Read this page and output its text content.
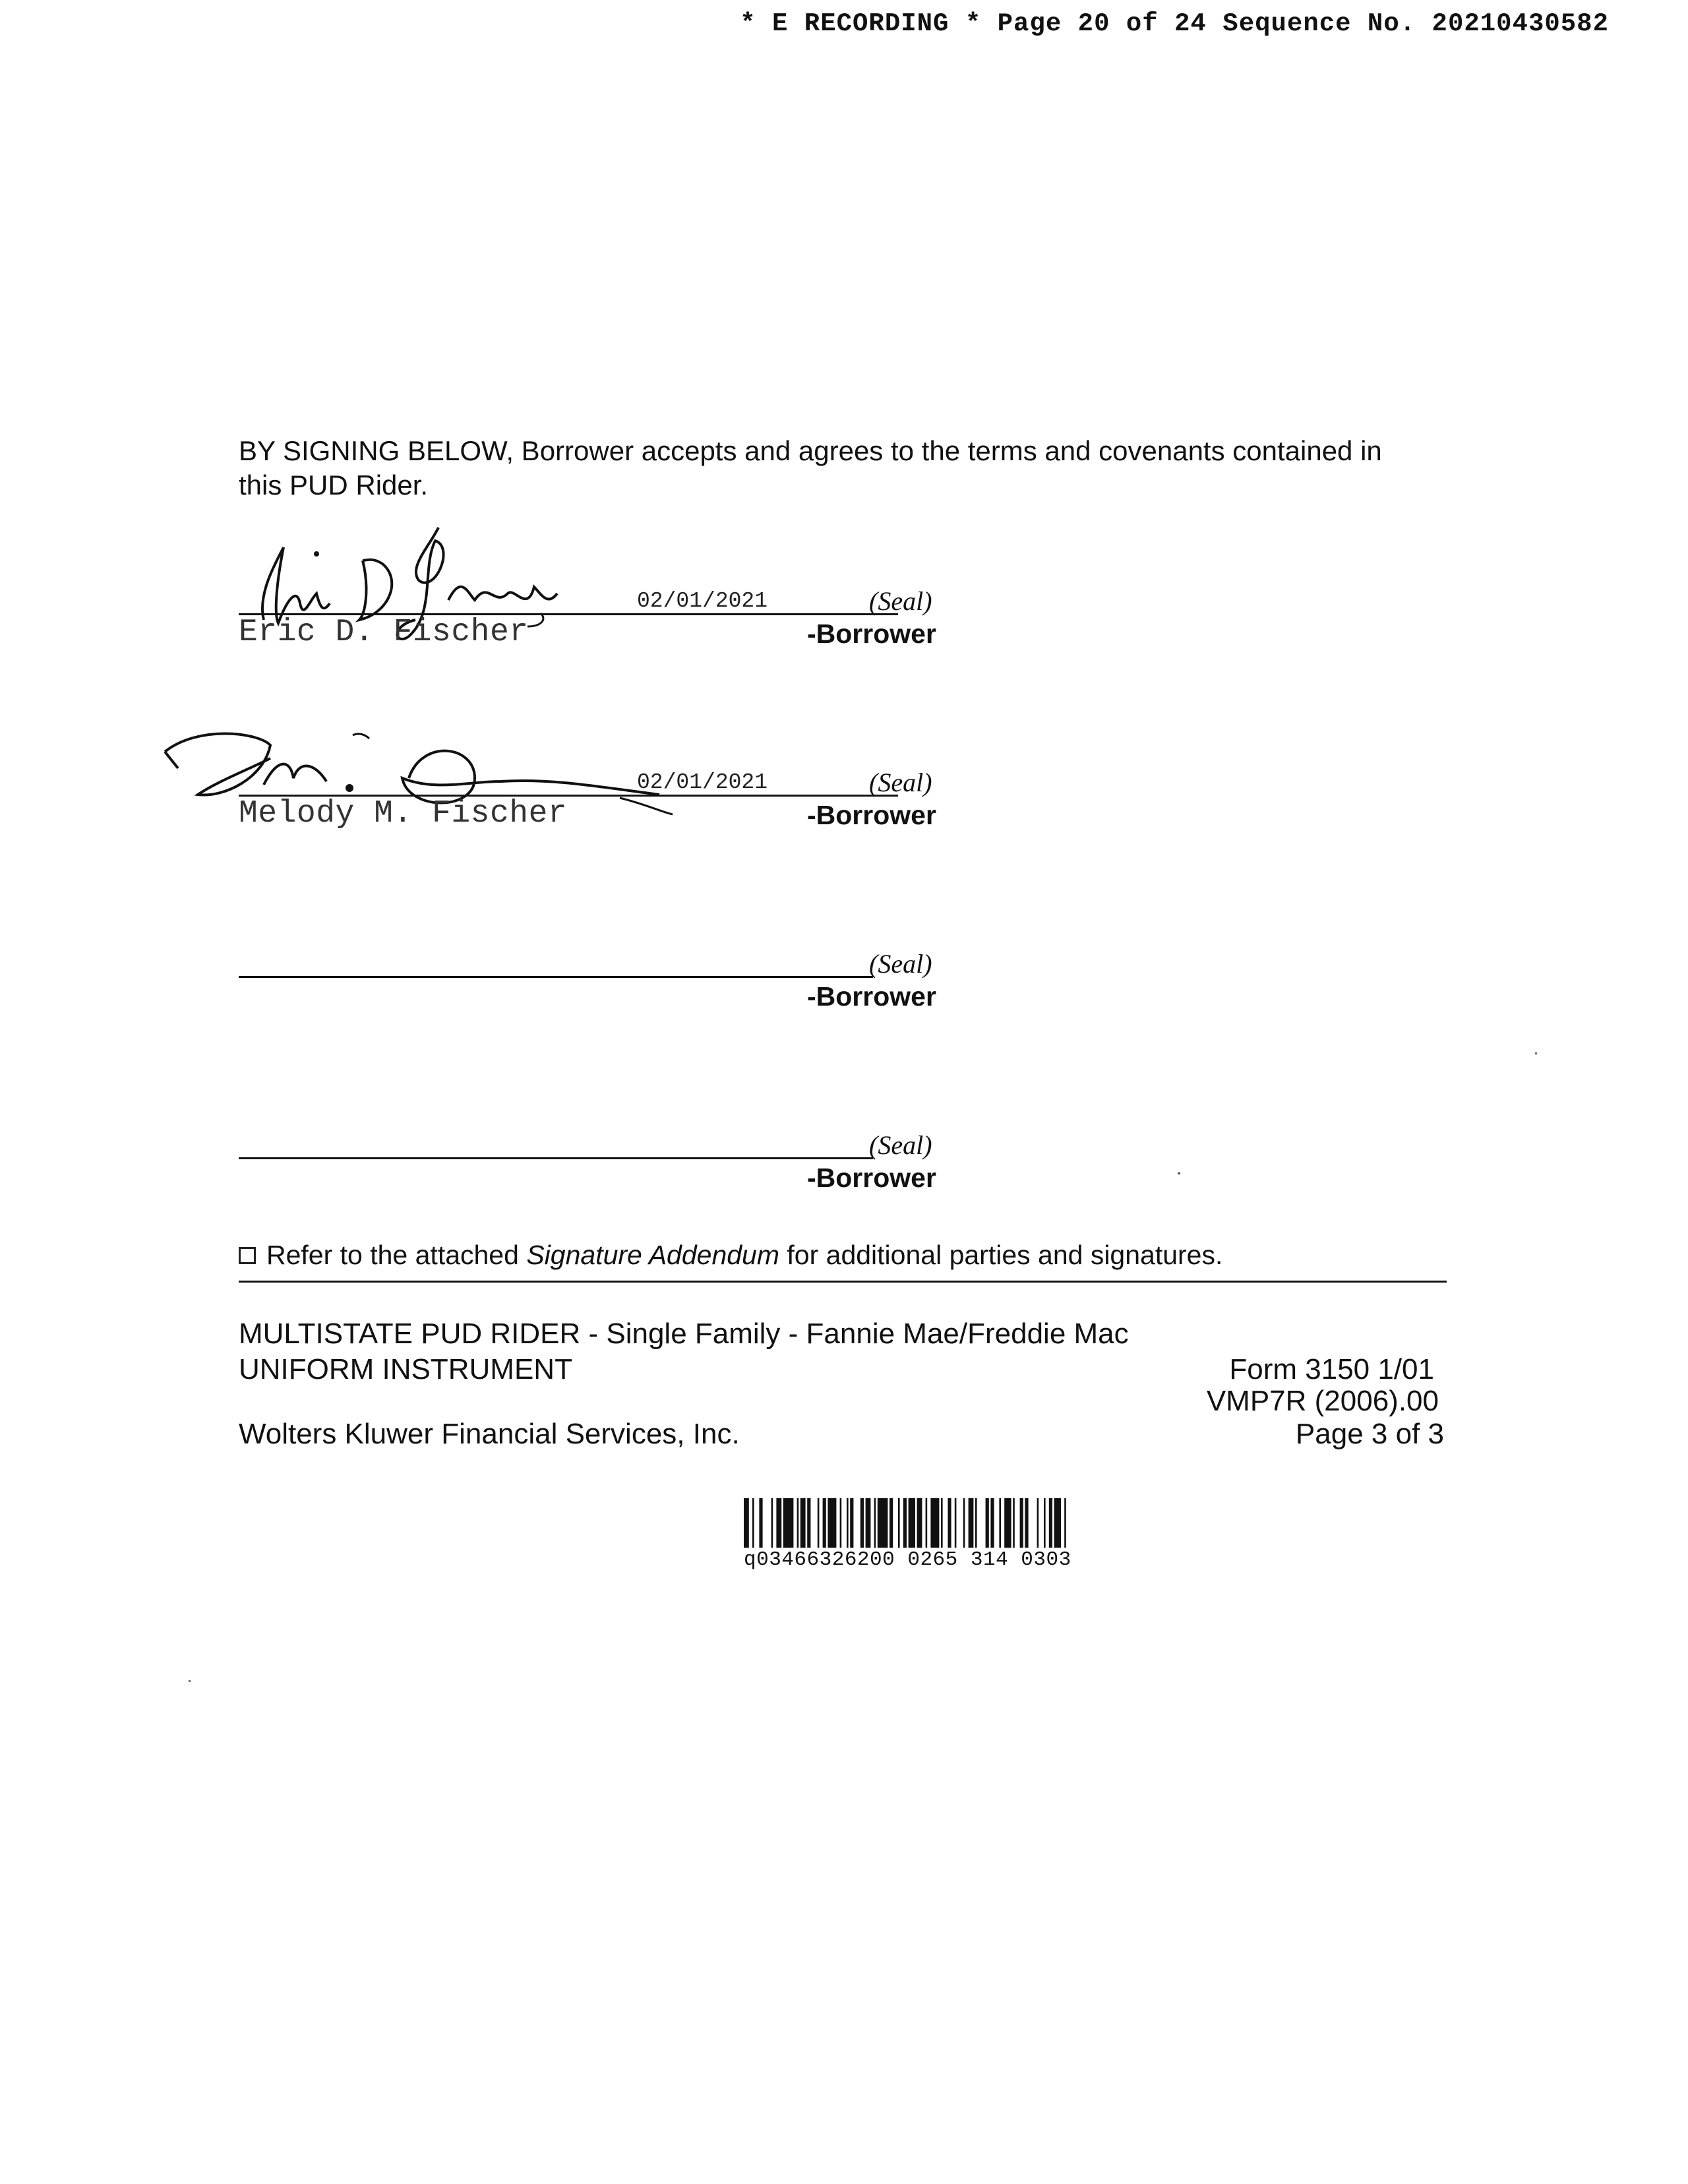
* E RECORDING * Page 20 of 24 Sequence No. 20210430582
BY SIGNING BELOW, Borrower accepts and agrees to the terms and covenants contained in this PUD Rider.
02/01/2021
Eric D. Fischer
(Seal)
-Borrower
02/01/2021
Melody M. Fischer
(Seal)
-Borrower
(Seal)
-Borrower
(Seal)
-Borrower
Refer to the attached Signature Addendum for additional parties and signatures.
MULTISTATE PUD RIDER - Single Family - Fannie Mae/Freddie Mac
UNIFORM INSTRUMENT	Form 3150 1/01
VMP7R (2006).00
Wolters Kluwer Financial Services, Inc.	Page 3 of 3
q03466326200 0265 314 0303
